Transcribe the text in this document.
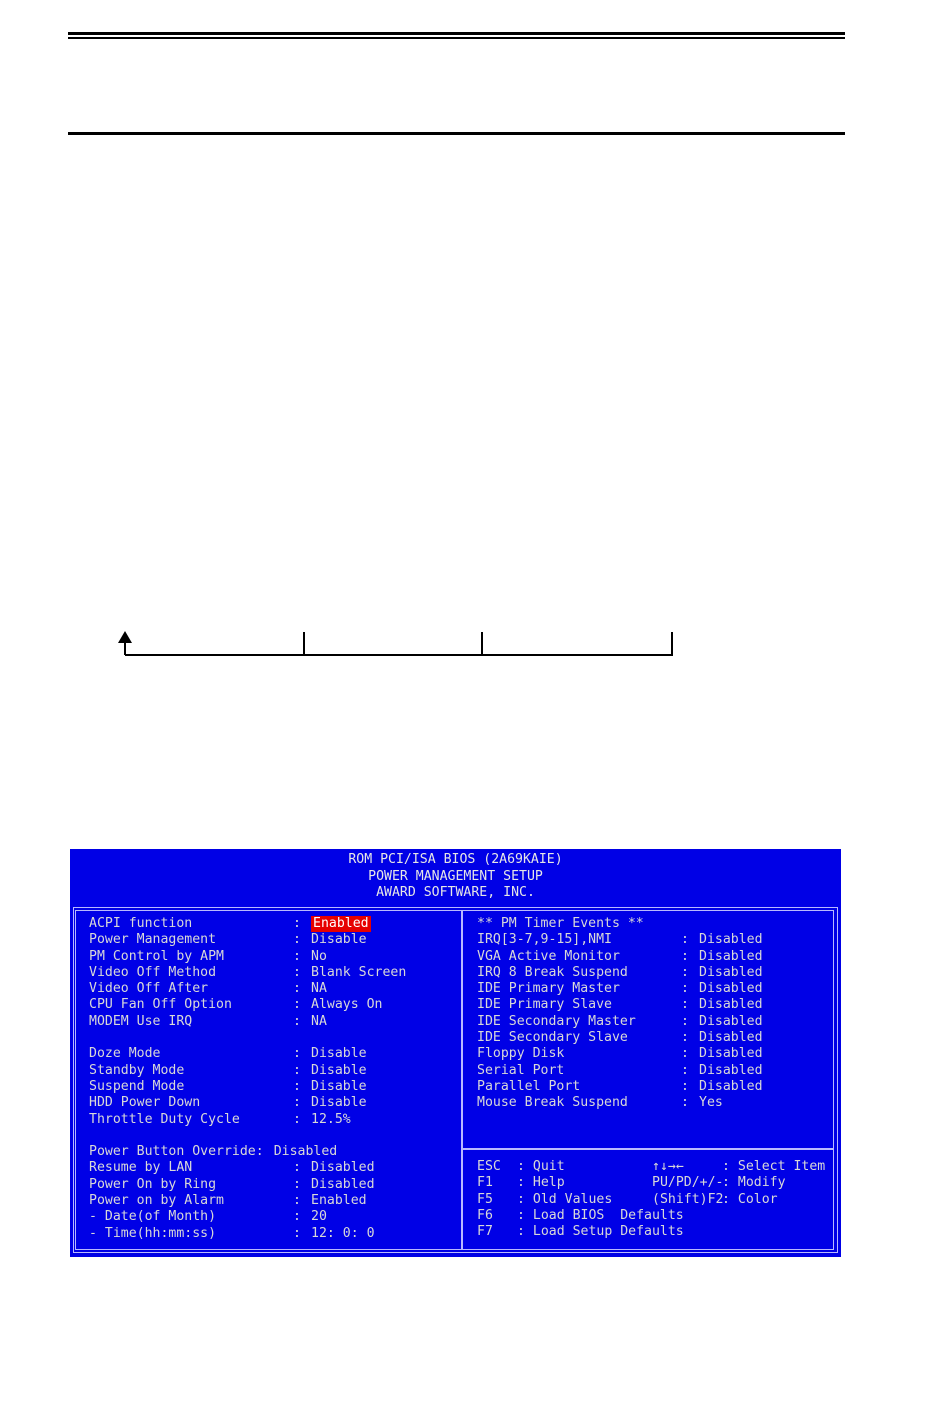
ROM PCI/ISA BIOS (2A69KAIE)
POWER MANAGEMENT SETUP
AWARD SOFTWARE, INC.
ACPI function	: Enabled
Power Management	: Disable
PM Control by APM	: No
Video Off Method	: Blank Screen
Video Off After	: NA
CPU Fan Off Option	: Always On
MODEM Use IRQ	: NA
Doze Mode	: Disable
Standby Mode	: Disable
Suspend Mode	: Disable
HDD Power Down	: Disable
Throttle Duty Cycle	: 12.5%
Power Button Override: Disabled
Resume by LAN	: Disabled
Power On by Ring	: Disabled
Power on by Alarm	: Enabled
- Date(of Month)	: 20
- Time(hh:mm:ss)	: 12: 0: 0
** PM Timer Events **
IRQ[3-7,9-15],NMI	: Disabled
VGA Active Monitor	: Disabled
IRQ 8 Break Suspend	: Disabled
IDE Primary Master	: Disabled
IDE Primary Slave	: Disabled
IDE Secondary Master	: Disabled
IDE Secondary Slave	: Disabled
Floppy Disk	: Disabled
Serial Port	: Disabled
Parallel Port	: Disabled
Mouse Break Suspend	: Yes
ESC : Quit	↑↓→←	: Select Item
F1 : Help	PU/PD/+/-: Modify
F5 : Old Values	(Shift)F2: Color
F6 : Load BIOS  Defaults
F7 : Load Setup Defaults
